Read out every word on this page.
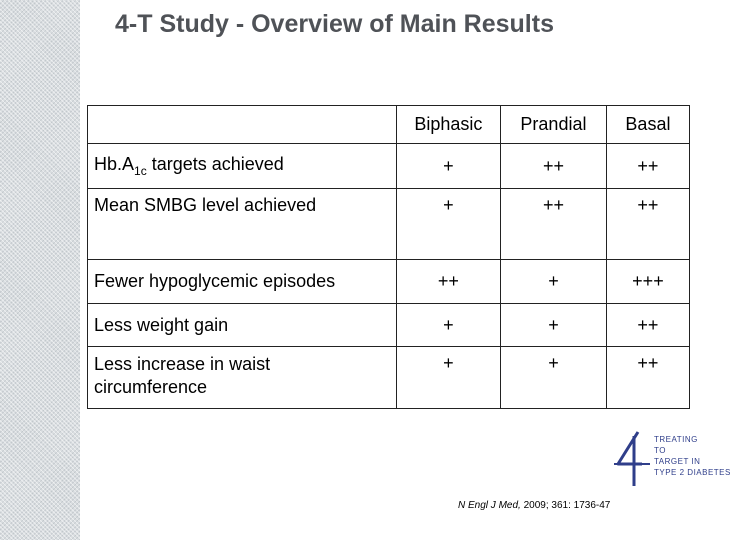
4-T Study - Overview of Main Results
	Biphasic	Prandial	Basal
$Hb.A_{1c}$ targets achieved	+	++	++
Mean SMBG level achieved	+	++	++
Fewer hypoglycemic episodes	++	+	+++
Less weight gain	+	+	++
Less increase in waist
circumference	+	+	++
TREATING
TO
TARGET IN
TYPE 2 DIABETES
N Engl J Med, 2009; 361: 1736-47
